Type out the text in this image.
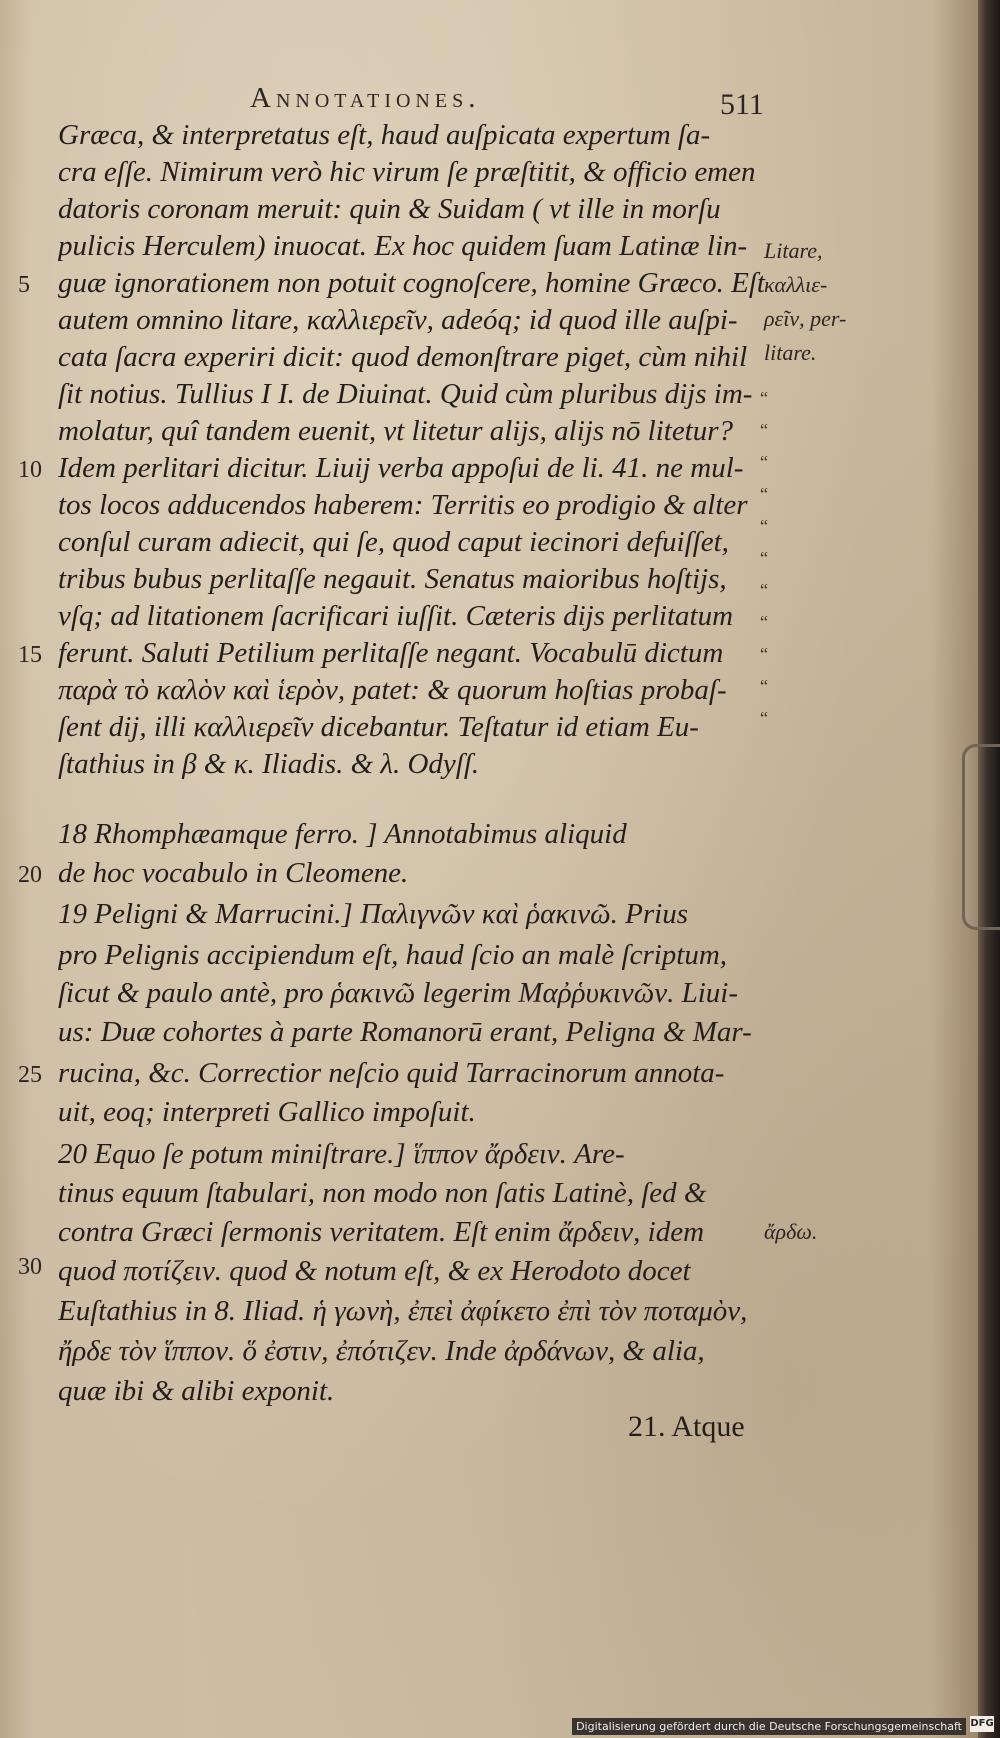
Annotationes.	511
Græca, & interpretatus eſt, haud auſpicata expertum ſa-
cra eſſe. Nimirum verò hic virum ſe præſtitit, & officio emen
datoris coronam meruit: quin & Suidam ( vt ille in morſu
pulicis Herculem) inuocat. Ex hoc quidem ſuam Latinæ lin-
guæ ignorationem non potuit cognoſcere, homine Græco. Eſt
autem omnino litare, καλλιερεῖν, adeóq; id quod ille auſpi-
cata ſacra experiri dicit: quod demonſtrare piget, cùm nihil
ſit notius. Tullius I I. de Diuinat. Quid cùm pluribus dijs im-
molatur, quî tandem euenit, vt litetur alijs, alijs nō litetur?
Idem perlitari dicitur. Liuij verba appoſui de li. 41. ne mul-
tos locos adducendos haberem: Territis eo prodigio & alter
conſul curam adiecit, qui ſe, quod caput iecinori defuiſſet,
tribus bubus perlitaſſe negauit. Senatus maioribus hoſtijs,
vſq; ad litationem ſacrificari iuſſit. Cæteris dijs perlitatum
ferunt. Saluti Petilium perlitaſſe negant. Vocabulū dictum
παρὰ τὸ καλὸν καὶ ἱερὸν, patet: & quorum hoſtias probaſ-
ſent dij, illi καλλιερεῖν dicebantur. Teſtatur id etiam Eu-
ſtathius in β & κ. Iliadis. & λ. Odyſſ.
18 Rhomphæamque ferro. ] Annotabimus aliquid
de hoc vocabulo in Cleomene.
19 Peligni & Marrucini.] Παλιγνῶν καὶ ῥακινῶ. Prius
pro Pelignis accipiendum eſt, haud ſcio an malè ſcriptum,
ſicut & paulo antè, pro ῥακινῶ legerim Μαῤῥυκινῶν. Liui-
us: Duæ cohortes à parte Romanorū erant, Peligna & Mar-
rucina, &c. Correctior neſcio quid Tarracinorum annota-
uit, eoq; interpreti Gallico impoſuit.
20 Equo ſe potum miniſtrare.] ἵππον ἄρδειν. Are-
tinus equum ſtabulari, non modo non ſatis Latinè, ſed &
contra Græci ſermonis veritatem. Eſt enim ἄρδειν, idem
quod ποτίζειν. quod & notum eſt, & ex Herodoto docet
Euſtathius in 8. Iliad. ἡ γωνὴ, ἐπεὶ ἀφίκετο ἐπὶ τὸν ποταμὸν,
ἤρδε τὸν ἵππον. ὅ ἐστιν, ἐπότιζεν. Inde ἀρδάνων, & alia,
quæ ibi & alibi exponit.
5
10
15
20
25
30
Litare,
καλλιε-
ρεῖν, per-
litare.
ἄρδω.
“
“
“
“
“
“
“
“
“
“
“
21. Atque
Digitalisierung gefördert durch die Deutsche Forschungsgemeinschaft DFG
